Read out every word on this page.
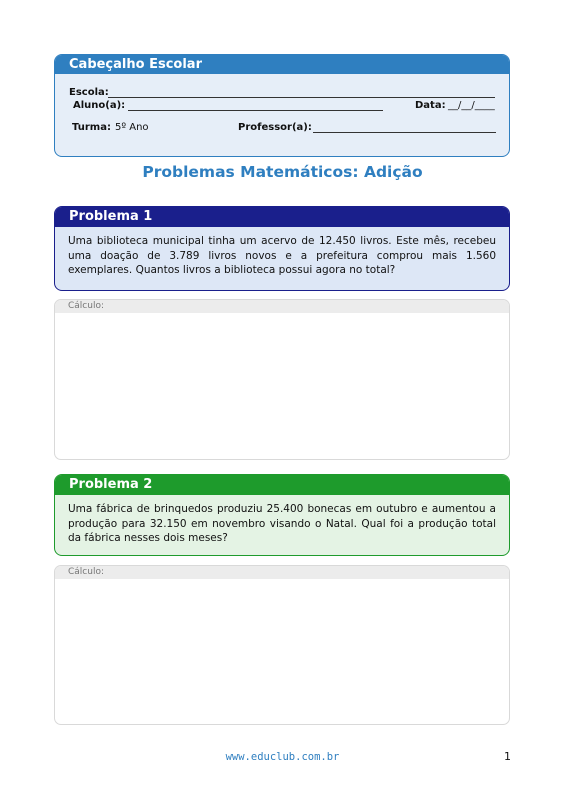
Cabeçalho Escolar
Escola:
Aluno(a):	Data: __/__/____
Turma: 5º Ano	Professor(a):
Problemas Matemáticos: Adição
Problema 1
Uma biblioteca municipal tinha um acervo de 12.450 livros. Este mês, recebeu uma doação de 3.789 livros novos e a prefeitura comprou mais 1.560 exemplares. Quantos livros a biblioteca possui agora no total?
Cálculo:
Problema 2
Uma fábrica de brinquedos produziu 25.400 bonecas em outubro e aumentou a produção para 32.150 em novembro visando o Natal. Qual foi a produção total da fábrica nesses dois meses?
Cálculo:
www.educlub.com.br	1
